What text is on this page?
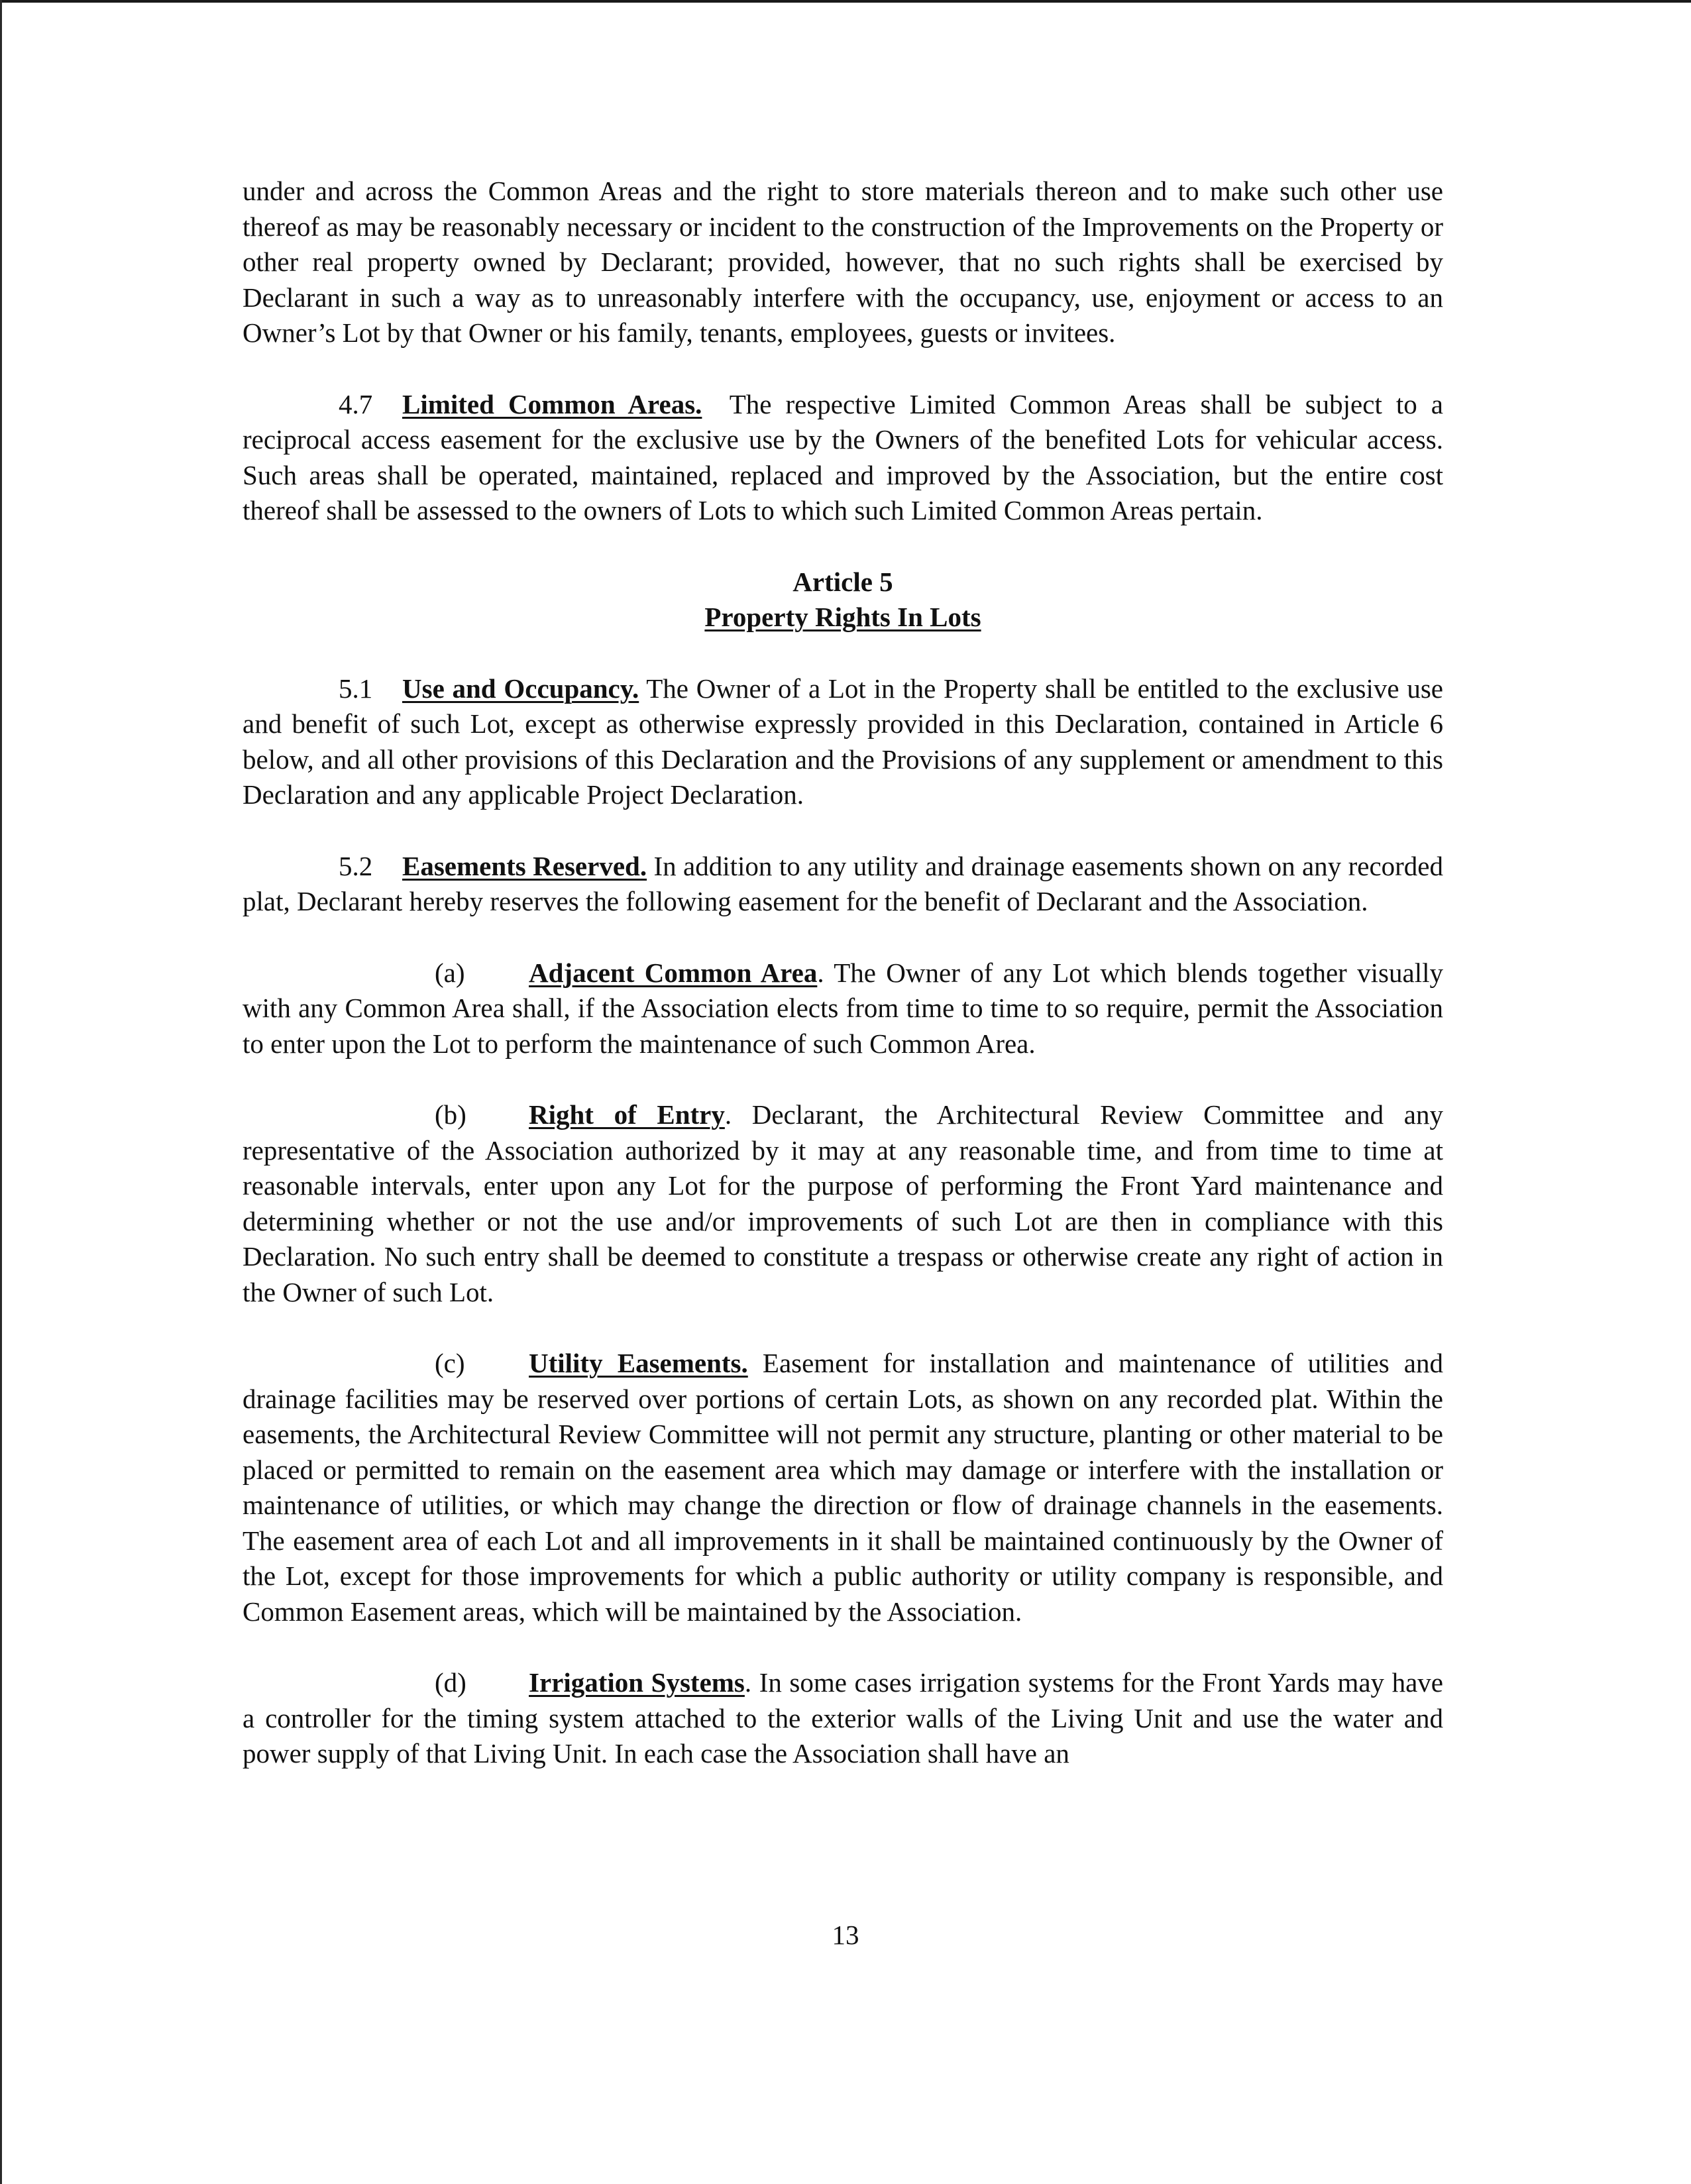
under and across the Common Areas and the right to store materials thereon and to make such other use thereof as may be reasonably necessary or incident to the construction of the Improvements on the Property or other real property owned by Declarant; provided, however, that no such rights shall be exercised by Declarant in such a way as to unreasonably interfere with the occupancy, use, enjoyment or access to an Owner’s Lot by that Owner or his family, tenants, employees, guests or invitees.

4.7 Limited Common Areas. The respective Limited Common Areas shall be subject to a reciprocal access easement for the exclusive use by the Owners of the benefited Lots for vehicular access. Such areas shall be operated, maintained, replaced and improved by the Association, but the entire cost thereof shall be assessed to the owners of Lots to which such Limited Common Areas pertain.

Article 5
Property Rights In Lots

5.1 Use and Occupancy. The Owner of a Lot in the Property shall be entitled to the exclusive use and benefit of such Lot, except as otherwise expressly provided in this Declaration, contained in Article 6 below, and all other provisions of this Declaration and the Provisions of any supplement or amendment to this Declaration and any applicable Project Declaration.

5.2 Easements Reserved. In addition to any utility and drainage easements shown on any recorded plat, Declarant hereby reserves the following easement for the benefit of Declarant and the Association.

(a) Adjacent Common Area. The Owner of any Lot which blends together visually with any Common Area shall, if the Association elects from time to time to so require, permit the Association to enter upon the Lot to perform the maintenance of such Common Area.

(b) Right of Entry. Declarant, the Architectural Review Committee and any representative of the Association authorized by it may at any reasonable time, and from time to time at reasonable intervals, enter upon any Lot for the purpose of performing the Front Yard maintenance and determining whether or not the use and/or improvements of such Lot are then in compliance with this Declaration. No such entry shall be deemed to constitute a trespass or otherwise create any right of action in the Owner of such Lot.

(c) Utility Easements. Easement for installation and maintenance of utilities and drainage facilities may be reserved over portions of certain Lots, as shown on any recorded plat. Within the easements, the Architectural Review Committee will not permit any structure, planting or other material to be placed or permitted to remain on the easement area which may damage or interfere with the installation or maintenance of utilities, or which may change the direction or flow of drainage channels in the easements. The easement area of each Lot and all improvements in it shall be maintained continuously by the Owner of the Lot, except for those improvements for which a public authority or utility company is responsible, and Common Easement areas, which will be maintained by the Association.

(d) Irrigation Systems. In some cases irrigation systems for the Front Yards may have a controller for the timing system attached to the exterior walls of the Living Unit and use the water and power supply of that Living Unit. In each case the Association shall have an

13
